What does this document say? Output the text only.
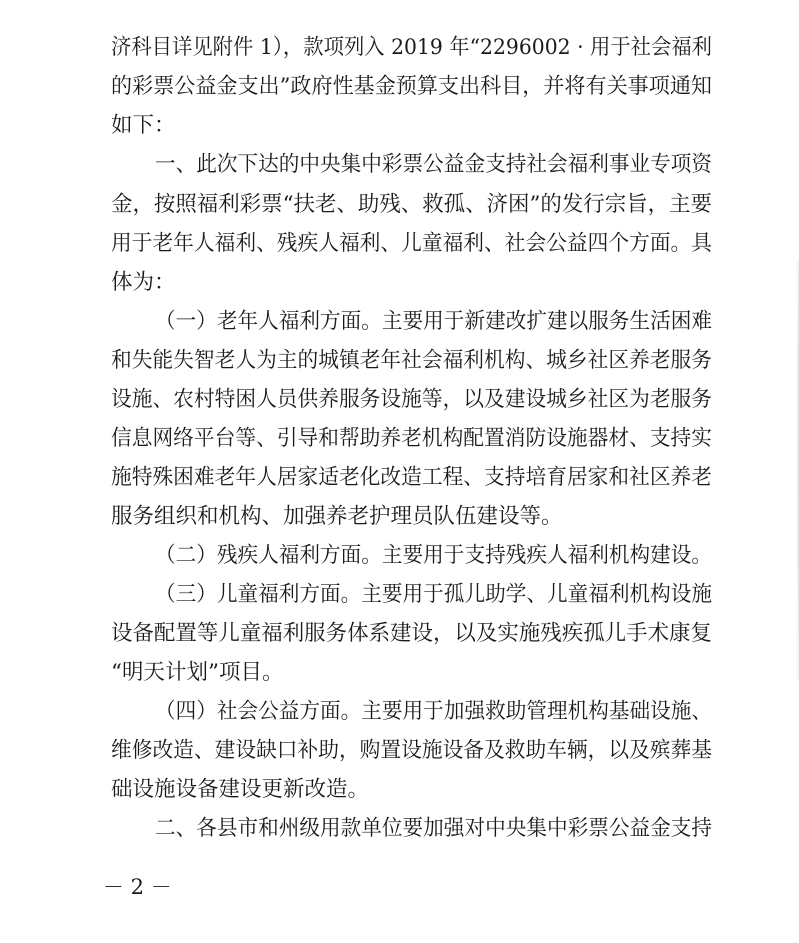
济科目详见附件 1），款项列入 2019 年“2296002 · 用于社会福利
的彩票公益金支出”政府性基金预算支出科目，并将有关事项通知
如下：
一、此次下达的中央集中彩票公益金支持社会福利事业专项资
金，按照福利彩票“扶老、助残、救孤、济困”的发行宗旨，主要
用于老年人福利、残疾人福利、儿童福利、社会公益四个方面。具
体为：
（一）老年人福利方面。主要用于新建改扩建以服务生活困难
和失能失智老人为主的城镇老年社会福利机构、城乡社区养老服务
设施、农村特困人员供养服务设施等，以及建设城乡社区为老服务
信息网络平台等、引导和帮助养老机构配置消防设施器材、支持实
施特殊困难老年人居家适老化改造工程、支持培育居家和社区养老
服务组织和机构、加强养老护理员队伍建设等。
（二）残疾人福利方面。主要用于支持残疾人福利机构建设。
（三）儿童福利方面。主要用于孤儿助学、儿童福利机构设施
设备配置等儿童福利服务体系建设，以及实施残疾孤儿手术康复
“明天计划”项目。
（四）社会公益方面。主要用于加强救助管理机构基础设施、
维修改造、建设缺口补助，购置设施设备及救助车辆，以及殡葬基
础设施设备建设更新改造。
二、各县市和州级用款单位要加强对中央集中彩票公益金支持
－ 2 －
